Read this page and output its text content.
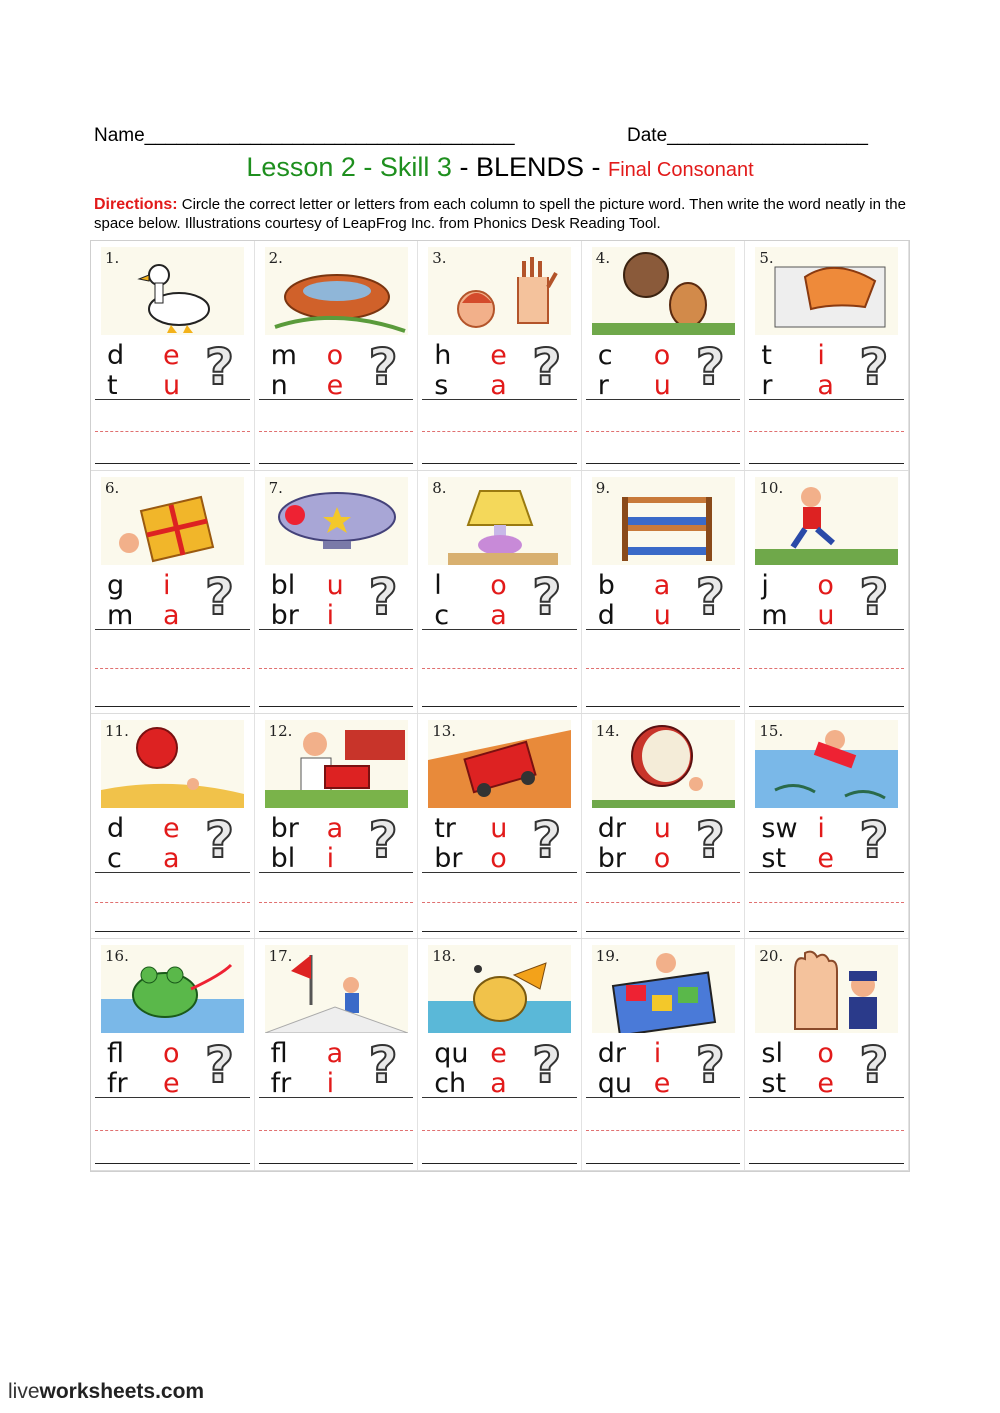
Name___________________________________	Date___________________
Lesson 2 - Skill 3 - BLENDS - Final Consonant
Directions: Circle the correct letter or letters from each column to spell the picture word. Then write the word neatly in the space below. Illustrations courtesy of LeapFrog Inc. from Phonics Desk Reading Tool.
1.
d	e
t	u ?
2.
m	o
n	e ?
3.
h	e
s	a ?
4.
c	o
r	u ?
5.
t	i
r	a ?
6.
g	i
m	a ?
7.
bl	u
br	i ?
8.
l	o
c	a ?
9.
b	a
d	u ?
10.
j	o
m	u ?
11.
d	e
c	a ?
12.
br	a
bl	i ?
13.
tr	u
br	o ?
14.
dr	u
br	o ?
15.
sw i
st	e ?
16.
fl	o
fr	e ?
17.
fl	a
fr	i ?
18.
qu e
ch a ?
19.
dr	i
qu e ?
20.
sl	o
st	e ?
liveworksheets.com
